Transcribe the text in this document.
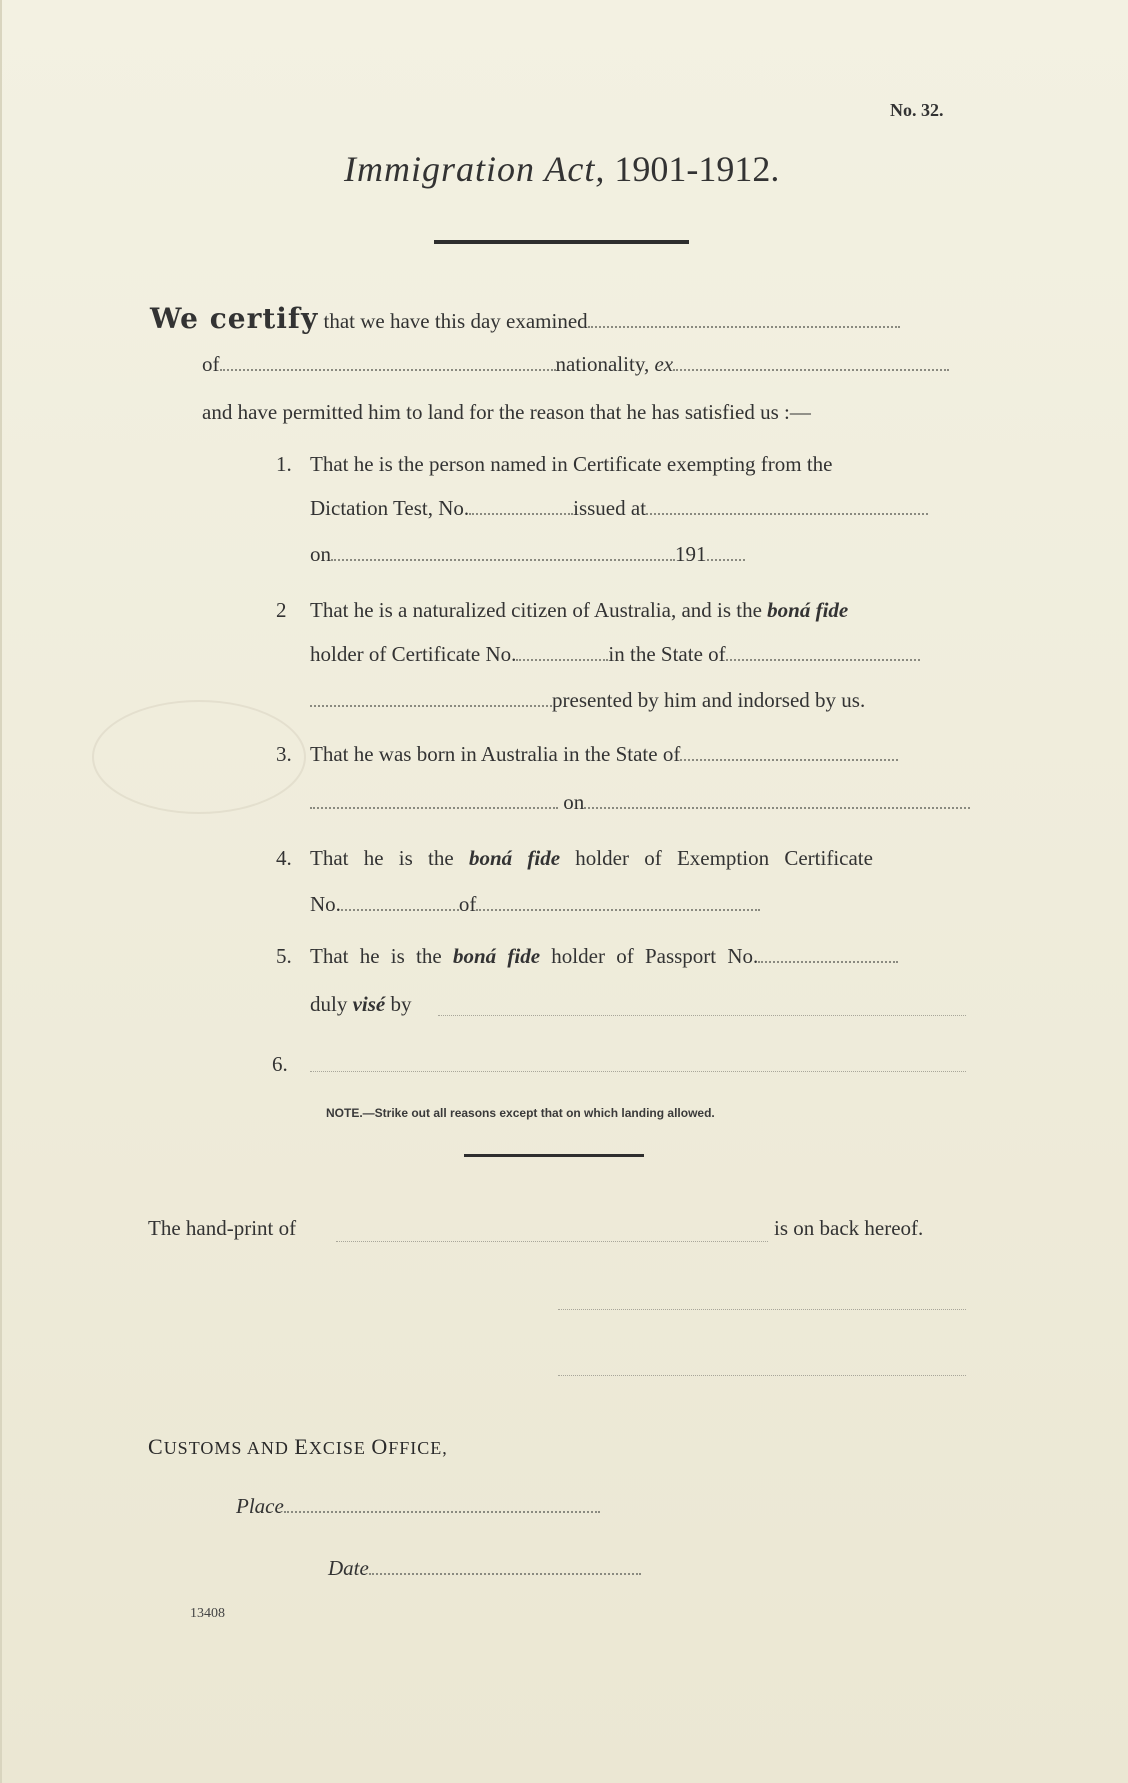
No. 32.
Immigration Act, 1901-1912.
We certify that we have this day examined
of	nationality, ex
and have permitted him to land for the reason that he has satisfied us :—
1. That he is the person named in Certificate exempting from the
Dictation Test, No.	issued at
on	191
2 That he is a naturalized citizen of Australia, and is the boná fide
holder of Certificate No.	in the State of
presented by him and indorsed by us.
3. That he was born in Australia in the State of
on
4. That he is the boná fide holder of Exemption Certificate
No.	of
5. That he is the boná fide holder of Passport No.
duly visé by
6.
NOTE.—Strike out all reasons except that on which landing allowed.
The hand-print of	is on back hereof.
CUSTOMS AND EXCISE OFFICE,
Place
Date
13408
